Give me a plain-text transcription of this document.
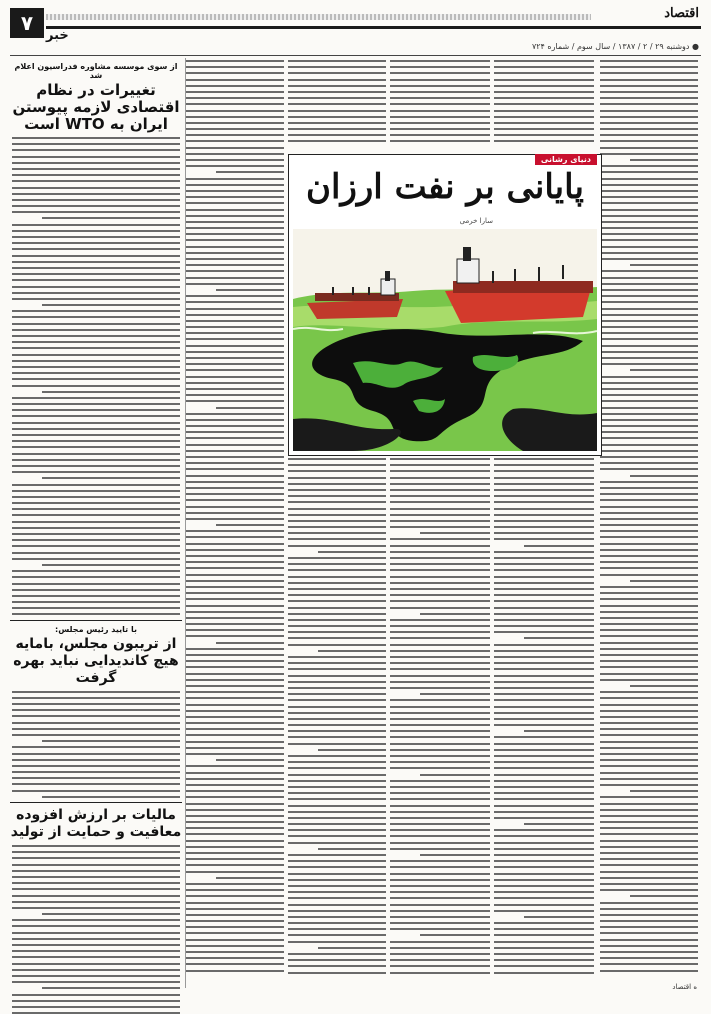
۷	اقتصاد
خبر
● دوشنبه ۲۹ / ۲ / ۱۳۸۷ / سال سوم / شماره ۷۲۴
از سوی موسسه مشاوره فدراسیون اعلام شد
تغییرات در نظام اقتصادی لازمه پیوستن ایران به WTO است
با تایید رئیس مجلس:
از تریبون مجلس، بامایه هیچ کاندیدایی نباید بهره گرفت
مالیات بر ارزش افزوده معافیت و حمایت از تولید
دنیای رشانی
پایانی بر نفت ارزان
سارا خرمی
ه اقتصاد
